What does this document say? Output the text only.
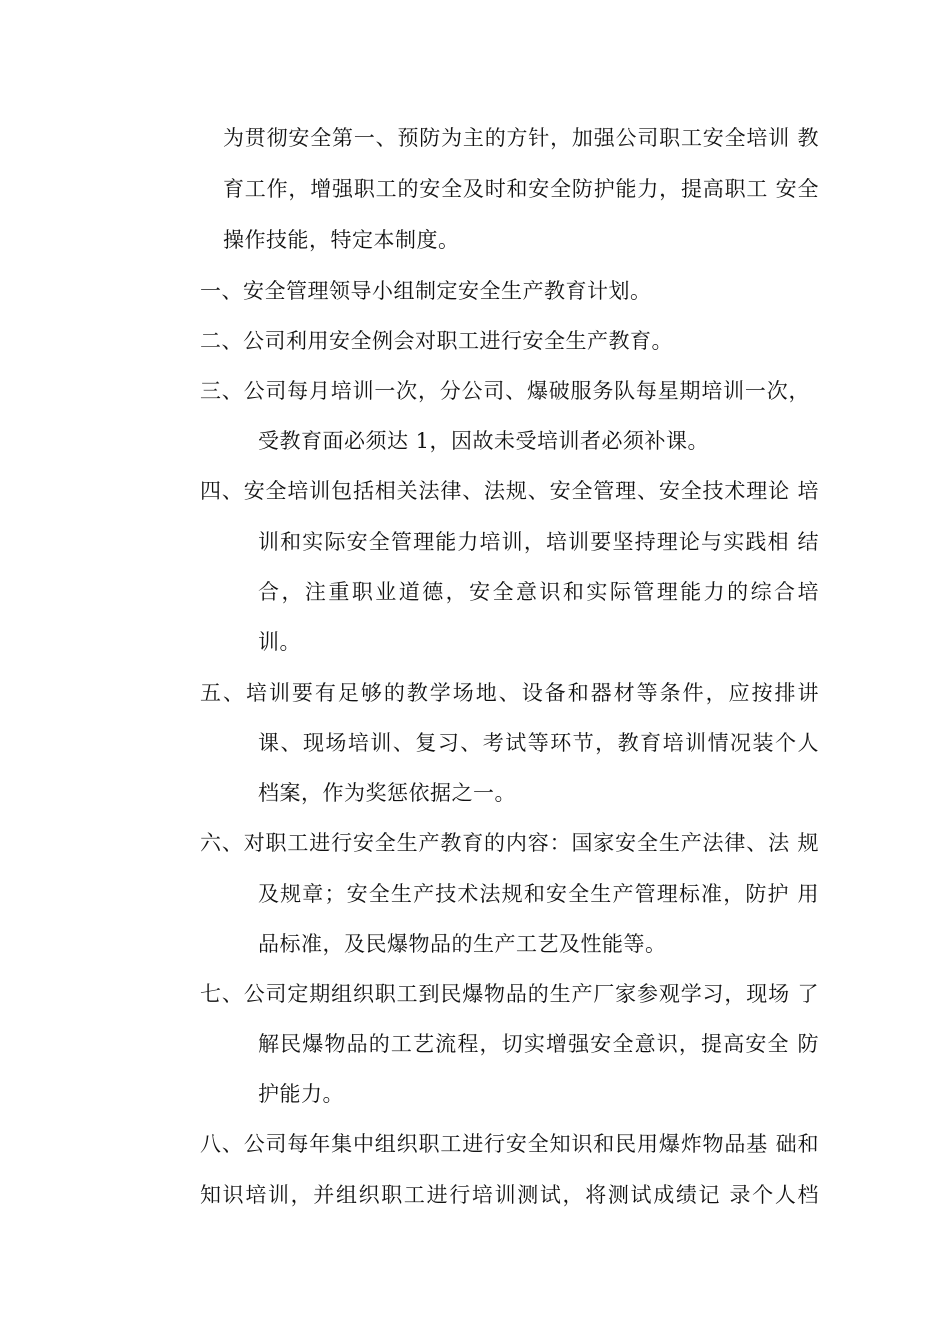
为贯彻安全第一、预防为主的方针，加强公司职工安全培训 教
育工作，增强职工的安全及时和安全防护能力，提高职工 安全
操作技能，特定本制度。
一、安全管理领导小组制定安全生产教育计划。
二、公司利用安全例会对职工进行安全生产教育。
三、公司每月培训一次，分公司、爆破服务队每星期培训一次，
受教育面必须达 1，因故未受培训者必须补课。
四、安全培训包括相关法律、法规、安全管理、安全技术理论 培
训和实际安全管理能力培训，培训要坚持理论与实践相 结
合，注重职业道德，安全意识和实际管理能力的综合培
训。
五、培训要有足够的教学场地、设备和器材等条件，应按排讲
课、现场培训、复习、考试等环节，教育培训情况装个人
档案，作为奖惩依据之一。
六、对职工进行安全生产教育的内容：国家安全生产法律、法 规
及规章；安全生产技术法规和安全生产管理标准，防护 用
品标准，及民爆物品的生产工艺及性能等。
七、公司定期组织职工到民爆物品的生产厂家参观学习，现场 了
解民爆物品的工艺流程，切实增强安全意识，提高安全 防
护能力。
八、公司每年集中组织职工进行安全知识和民用爆炸物品基 础和
知识培训，并组织职工进行培训测试，将测试成绩记 录个人档
